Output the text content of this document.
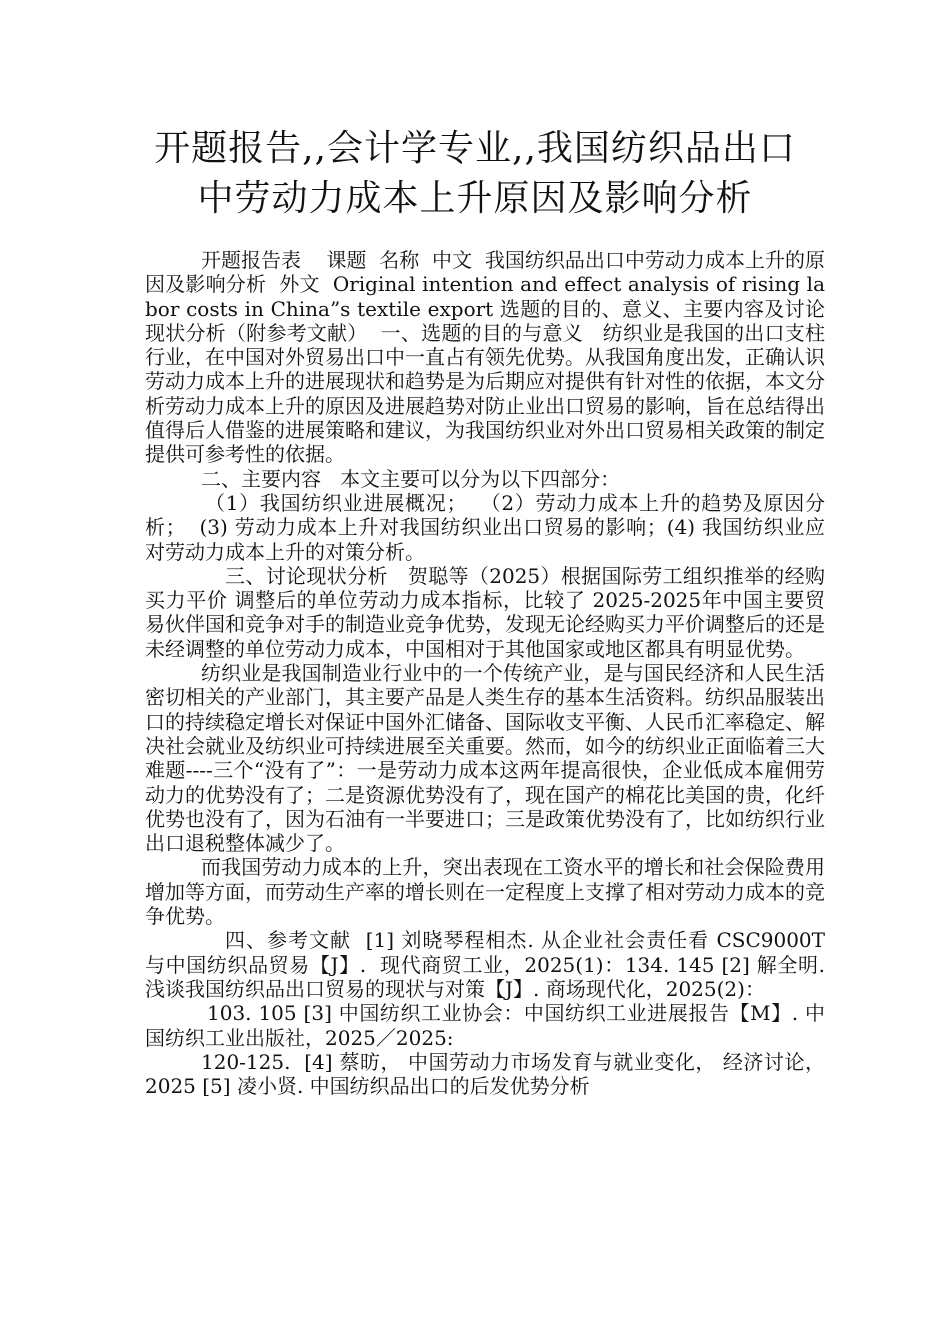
开题报告,,会计学专业,,我国纺织品出口
中劳动力成本上升原因及影响分析

开题报告表    课题  名称  中文  我国纺织品出口中劳动力成本上升的原因及影响分析  外文  Original intention and effect analysis of rising labor costs in China”s textile export 选题的目的、意义、主要内容及讨论现状分析（附参考文献）  一、选题的目的与意义   纺织业是我国的出口支柱行业，在中国对外贸易出口中一直占有领先优势。从我国角度出发，正确认识劳动力成本上升的进展现状和趋势是为后期应对提供有针对性的依据，本文分析劳动力成本上升的原因及进展趋势对防止业出口贸易的影响，旨在总结得出值得后人借鉴的进展策略和建议，为我国纺织业对外出口贸易相关政策的制定提供可参考性的依据。

二、主要内容   本文主要可以分为以下四部分：

（1）我国纺织业进展概况；  （2）劳动力成本上升的趋势及原因分析；  (3) 劳动力成本上升对我国纺织业出口贸易的影响；(4) 我国纺织业应对劳动力成本上升的对策分析。

三、讨论现状分析   贺聪等（2025）根据国际劳工组织推举的经购买力平价 调整后的单位劳动力成本指标，比较了 2025-2025年中国主要贸易伙伴国和竞争对手的制造业竞争优势，发现无论经购买力平价调整后的还是未经调整的单位劳动力成本，中国相对于其他国家或地区都具有明显优势。

纺织业是我国制造业行业中的一个传统产业，是与国民经济和人民生活密切相关的产业部门，其主要产品是人类生存的基本生活资料。纺织品服装出口的持续稳定增长对保证中国外汇储备、国际收支平衡、人民币汇率稳定、解决社会就业及纺织业可持续进展至关重要。然而，如今的纺织业正面临着三大难题----三个“没有了”：一是劳动力成本这两年提高很快，企业低成本雇佣劳动力的优势没有了；二是资源优势没有了，现在国产的棉花比美国的贵，化纤优势也没有了，因为石油有一半要进口；三是政策优势没有了，比如纺织行业出口退税整体减少了。

而我国劳动力成本的上升，突出表现在工资水平的增长和社会保险费用增加等方面，而劳动生产率的增长则在一定程度上支撑了相对劳动力成本的竞争优势。

四、参考文献  [1] 刘晓琴程相杰. 从企业社会责任看 CSC9000T 与中国纺织品贸易【J】.  现代商贸工业，2025(1)：134. 145 [2] 解全明. 浅谈我国纺织品出口贸易的现状与对策【J】. 商场现代化，2025(2)：

103. 105 [3] 中国纺织工业协会：中国纺织工业进展报告【M】. 中国纺织工业出版社，2025／2025:

120-125.  [4] 蔡昉， 中国劳动力市场发育与就业变化， 经济讨论， 2025 [5] 凌小贤. 中国纺织品出口的后发优势分析
